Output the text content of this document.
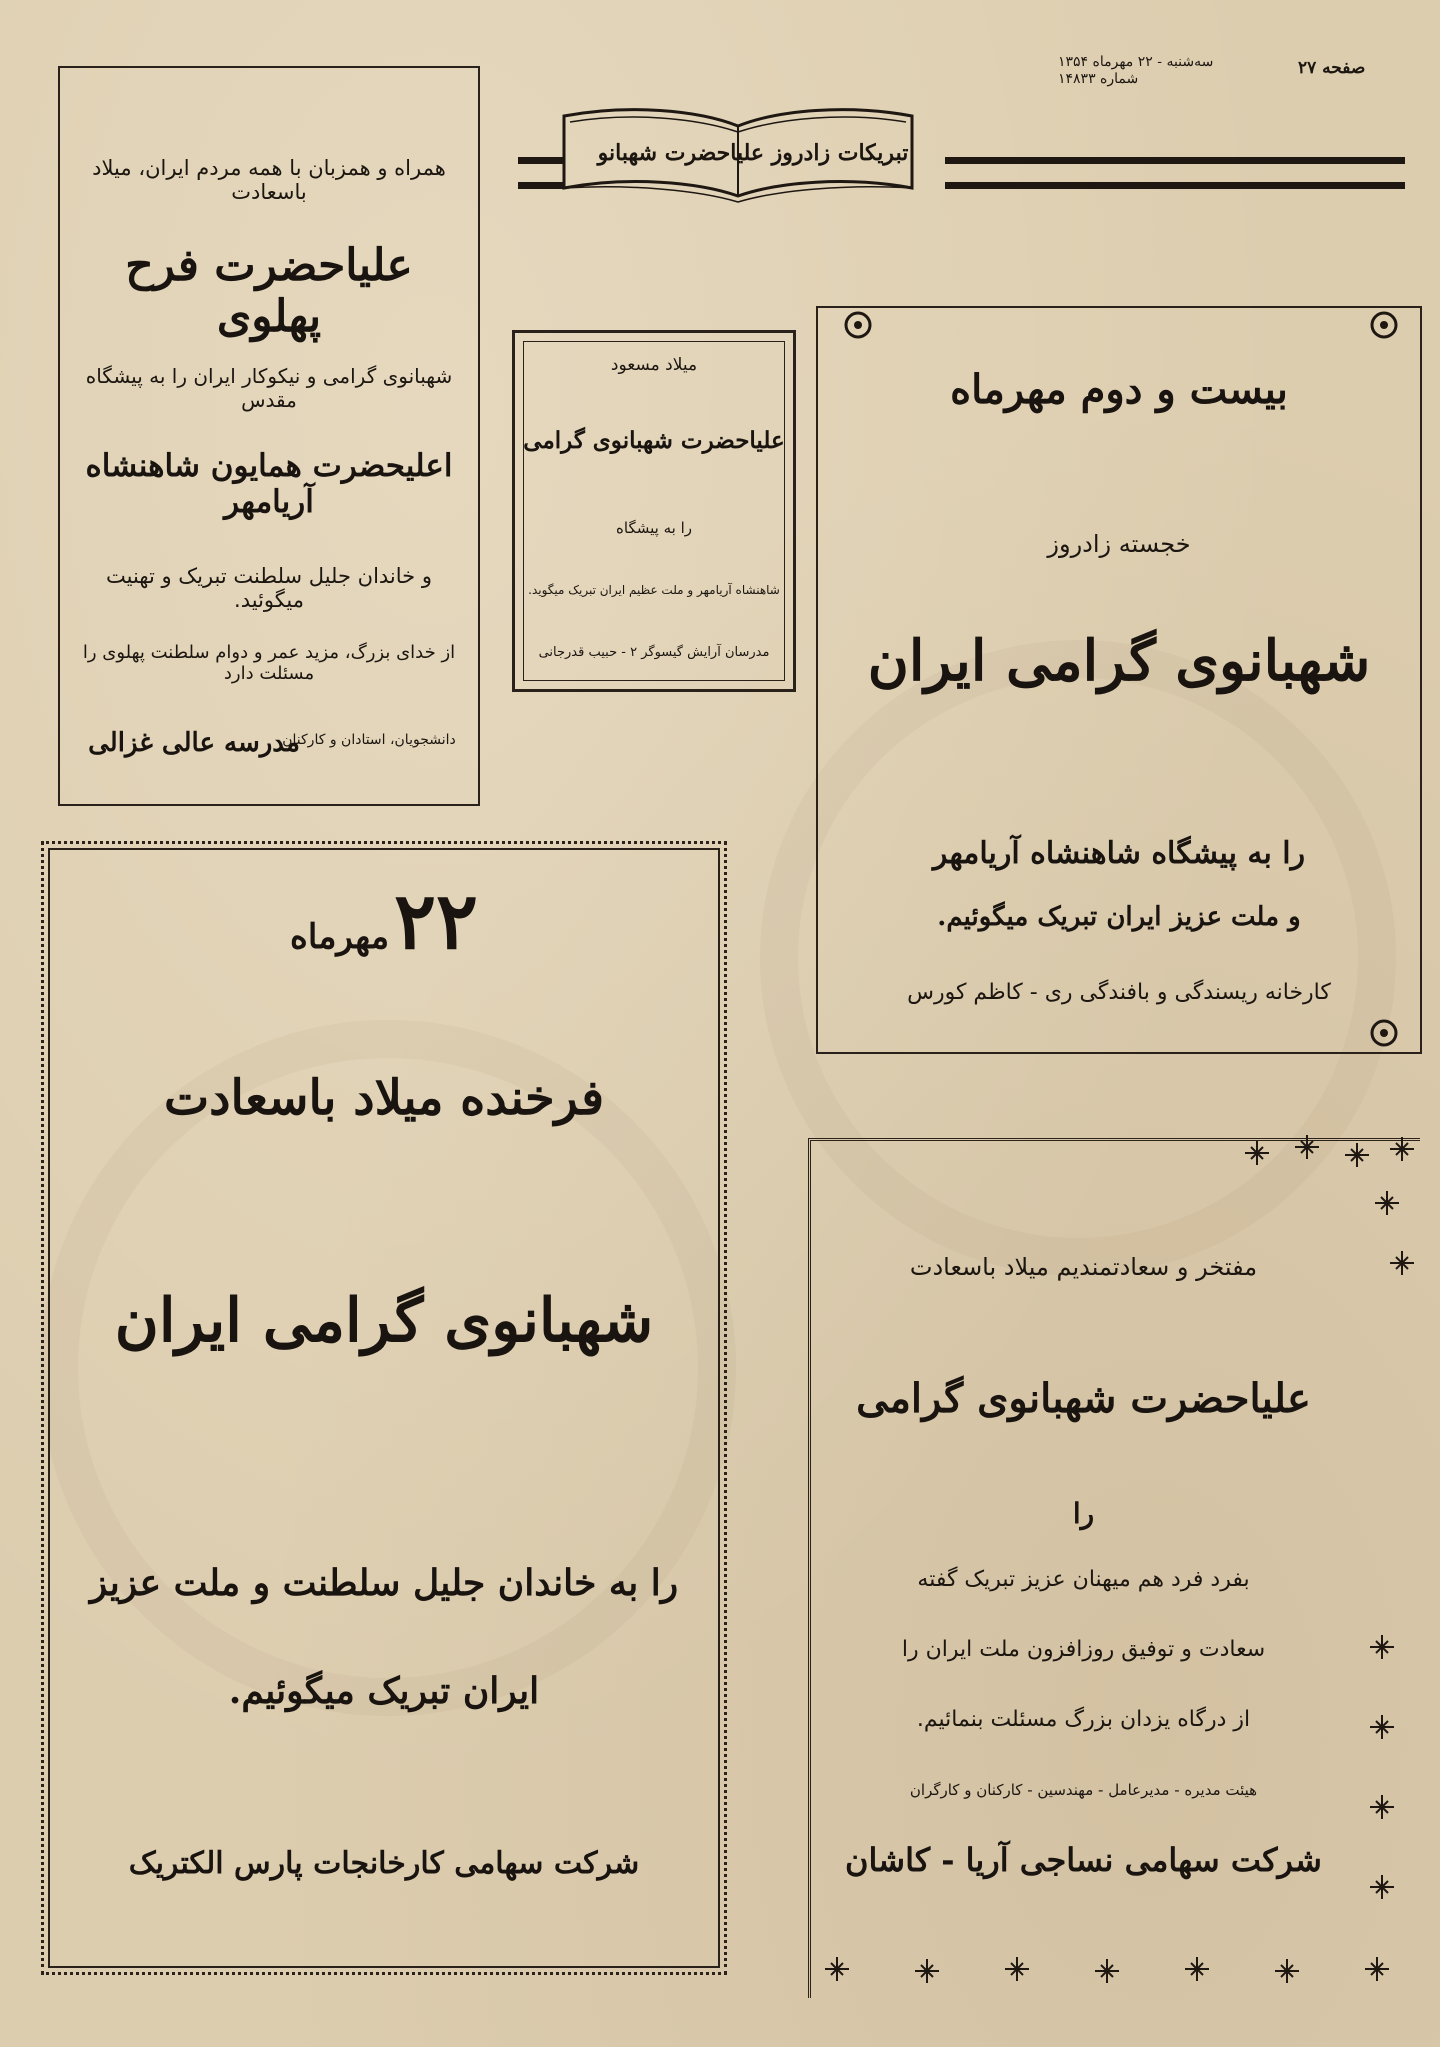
صفحه ۲۷
سه‌شنبه - ۲۲ مهرماه ۱۳۵۴
شماره ۱۴۸۳۳
تبریکات زادروز علیاحضرت شهبانو
همراه و همزبان با همه مردم ایران، میلاد باسعادت
علیاحضرت فرح پهلوی
شهبانوی گرامی و نیکوکار ایران را به پیشگاه مقدس
اعلیحضرت همایون شاهنشاه آریامهر
و خاندان جلیل سلطنت تبریک و تهنیت میگوئید.
از خدای بزرگ، مزید عمر و دوام سلطنت پهلوی را مسئلت دارد
دانشجویان، استادان و کارکنان
مدرسه عالی غزالی
میلاد مسعود
علیاحضرت شهبانوی گرامی
را به پیشگاه
شاهنشاه آریامهر و ملت عظیم ایران تبریک میگوید.
مدرسان آرایش گیسوگر ۲ - حبیب قدرجانی
بیست و دوم مهرماه
خجسته زادروز
شهبانوی گرامی ایران
را به پیشگاه شاهنشاه آریامهر
و ملت عزیز ایران تبریک میگوئیم.
کارخانه ریسندگی و بافندگی ری - کاظم کورس
۲۲ مهرماه
فرخنده میلاد باسعادت
شهبانوی گرامی ایران
را به خاندان جلیل سلطنت و ملت عزیز
ایران تبریک میگوئیم.
شرکت سهامی کارخانجات پارس الکتریک
مفتخر و سعادتمندیم میلاد باسعادت
علیاحضرت شهبانوی گرامی
را
بفرد فرد هم میهنان عزیز تبریک گفته
سعادت و توفیق روزافزون ملت ایران را
از درگاه یزدان بزرگ مسئلت بنمائیم.
هیئت مدیره - مدیرعامل - مهندسین - کارکنان و کارگران
شرکت سهامی نساجی آریا - کاشان
